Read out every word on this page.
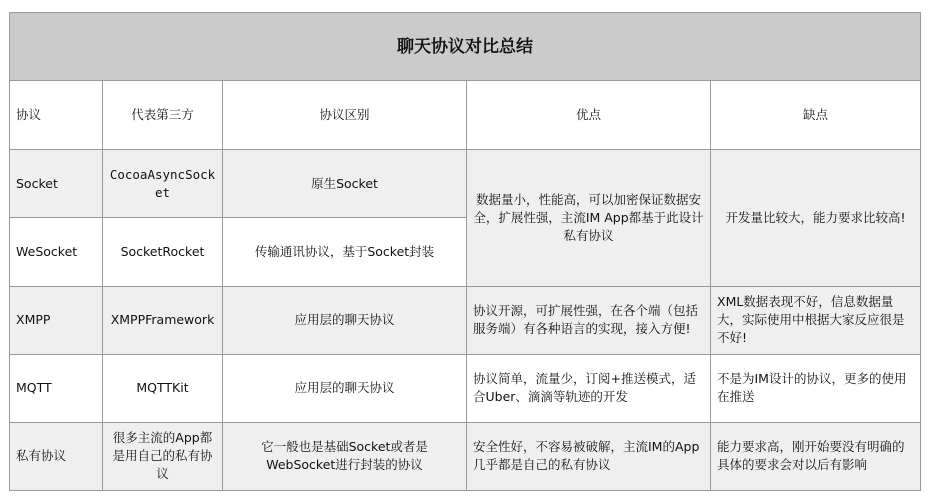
聊天协议对比总结				
协议	代表第三方	协议区别	优点	缺点
Socket	CocoaAsyncSocket	原生Socket	数据量小，性能高，可以加密保证数据安全，扩展性强，主流IM App都基于此设计私有协议	开发量比较大，能力要求比较高!
WeSocket	SocketRocket	传输通讯协议，基于Socket封装		
XMPP	XMPPFramework	应用层的聊天协议	协议开源，可扩展性强，在各个端（包括服务端）有各种语言的实现，接入方便!	XML数据表现不好，信息数据量大，实际使用中根据大家反应很是不好!
MQTT	MQTTKit	应用层的聊天协议	协议简单，流量少，订阅+推送模式，适合Uber、滴滴等轨迹的开发	不是为IM设计的协议，更多的使用在推送
私有协议	很多主流的App都是用自己的私有协议	它一般也是基础Socket或者是WebSocket进行封装的协议	安全性好，不容易被破解，主流IM的App几乎都是自己的私有协议	能力要求高，刚开始要没有明确的具体的要求会对以后有影响
